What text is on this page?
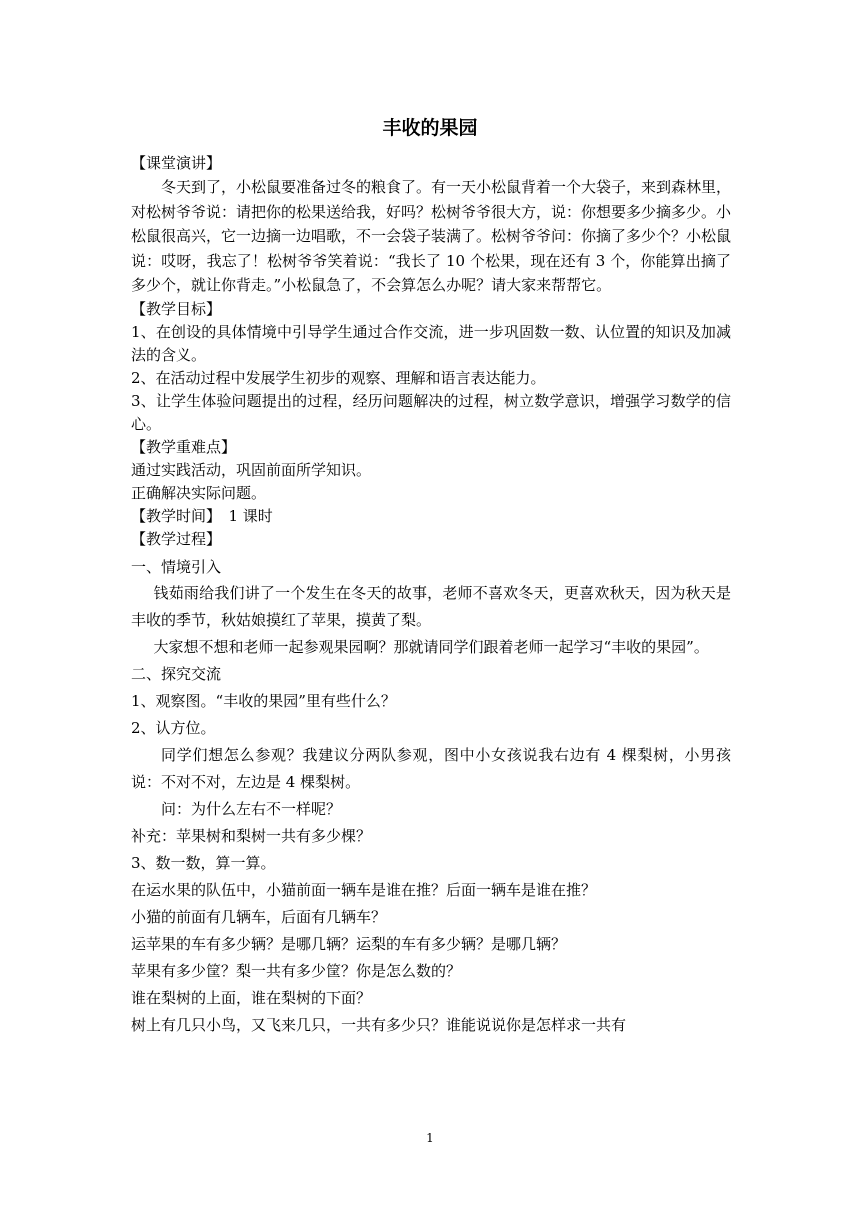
丰收的果园

【课堂演讲】

冬天到了，小松鼠要准备过冬的粮食了。有一天小松鼠背着一个大袋子，来到森林里，对松树爷爷说：请把你的松果送给我，好吗？松树爷爷很大方，说：你想要多少摘多少。小松鼠很高兴，它一边摘一边唱歌，不一会袋子装满了。松树爷爷问：你摘了多少个？小松鼠说：哎呀，我忘了！松树爷爷笑着说：“我长了 10 个松果，现在还有 3 个，你能算出摘了多少个，就让你背走。”小松鼠急了，不会算怎么办呢？请大家来帮帮它。

【教学目标】

1、在创设的具体情境中引导学生通过合作交流，进一步巩固数一数、认位置的知识及加减法的含义。

2、在活动过程中发展学生初步的观察、理解和语言表达能力。

3、让学生体验问题提出的过程，经历问题解决的过程，树立数学意识，增强学习数学的信心。

【教学重难点】

通过实践活动，巩固前面所学知识。

正确解决实际问题。

【教学时间】　1 课时

【教学过程】

一、情境引入

钱茹雨给我们讲了一个发生在冬天的故事，老师不喜欢冬天，更喜欢秋天，因为秋天是丰收的季节，秋姑娘摸红了苹果，摸黄了梨。

大家想不想和老师一起参观果园啊？那就请同学们跟着老师一起学习“丰收的果园”。

二、探究交流

1、观察图。“丰收的果园”里有些什么？

2、认方位。

同学们想怎么参观？我建议分两队参观，图中小女孩说我右边有 4 棵梨树，小男孩说：不对不对，左边是 4 棵梨树。

问：为什么左右不一样呢？

补充：苹果树和梨树一共有多少棵？

3、数一数，算一算。

在运水果的队伍中，小猫前面一辆车是谁在推？后面一辆车是谁在推？

小猫的前面有几辆车，后面有几辆车？

运苹果的车有多少辆？是哪几辆？运梨的车有多少辆？是哪几辆？

苹果有多少筐？梨一共有多少筐？你是怎么数的？

谁在梨树的上面，谁在梨树的下面？

树上有几只小鸟，又飞来几只，一共有多少只？谁能说说你是怎样求一共有

1
